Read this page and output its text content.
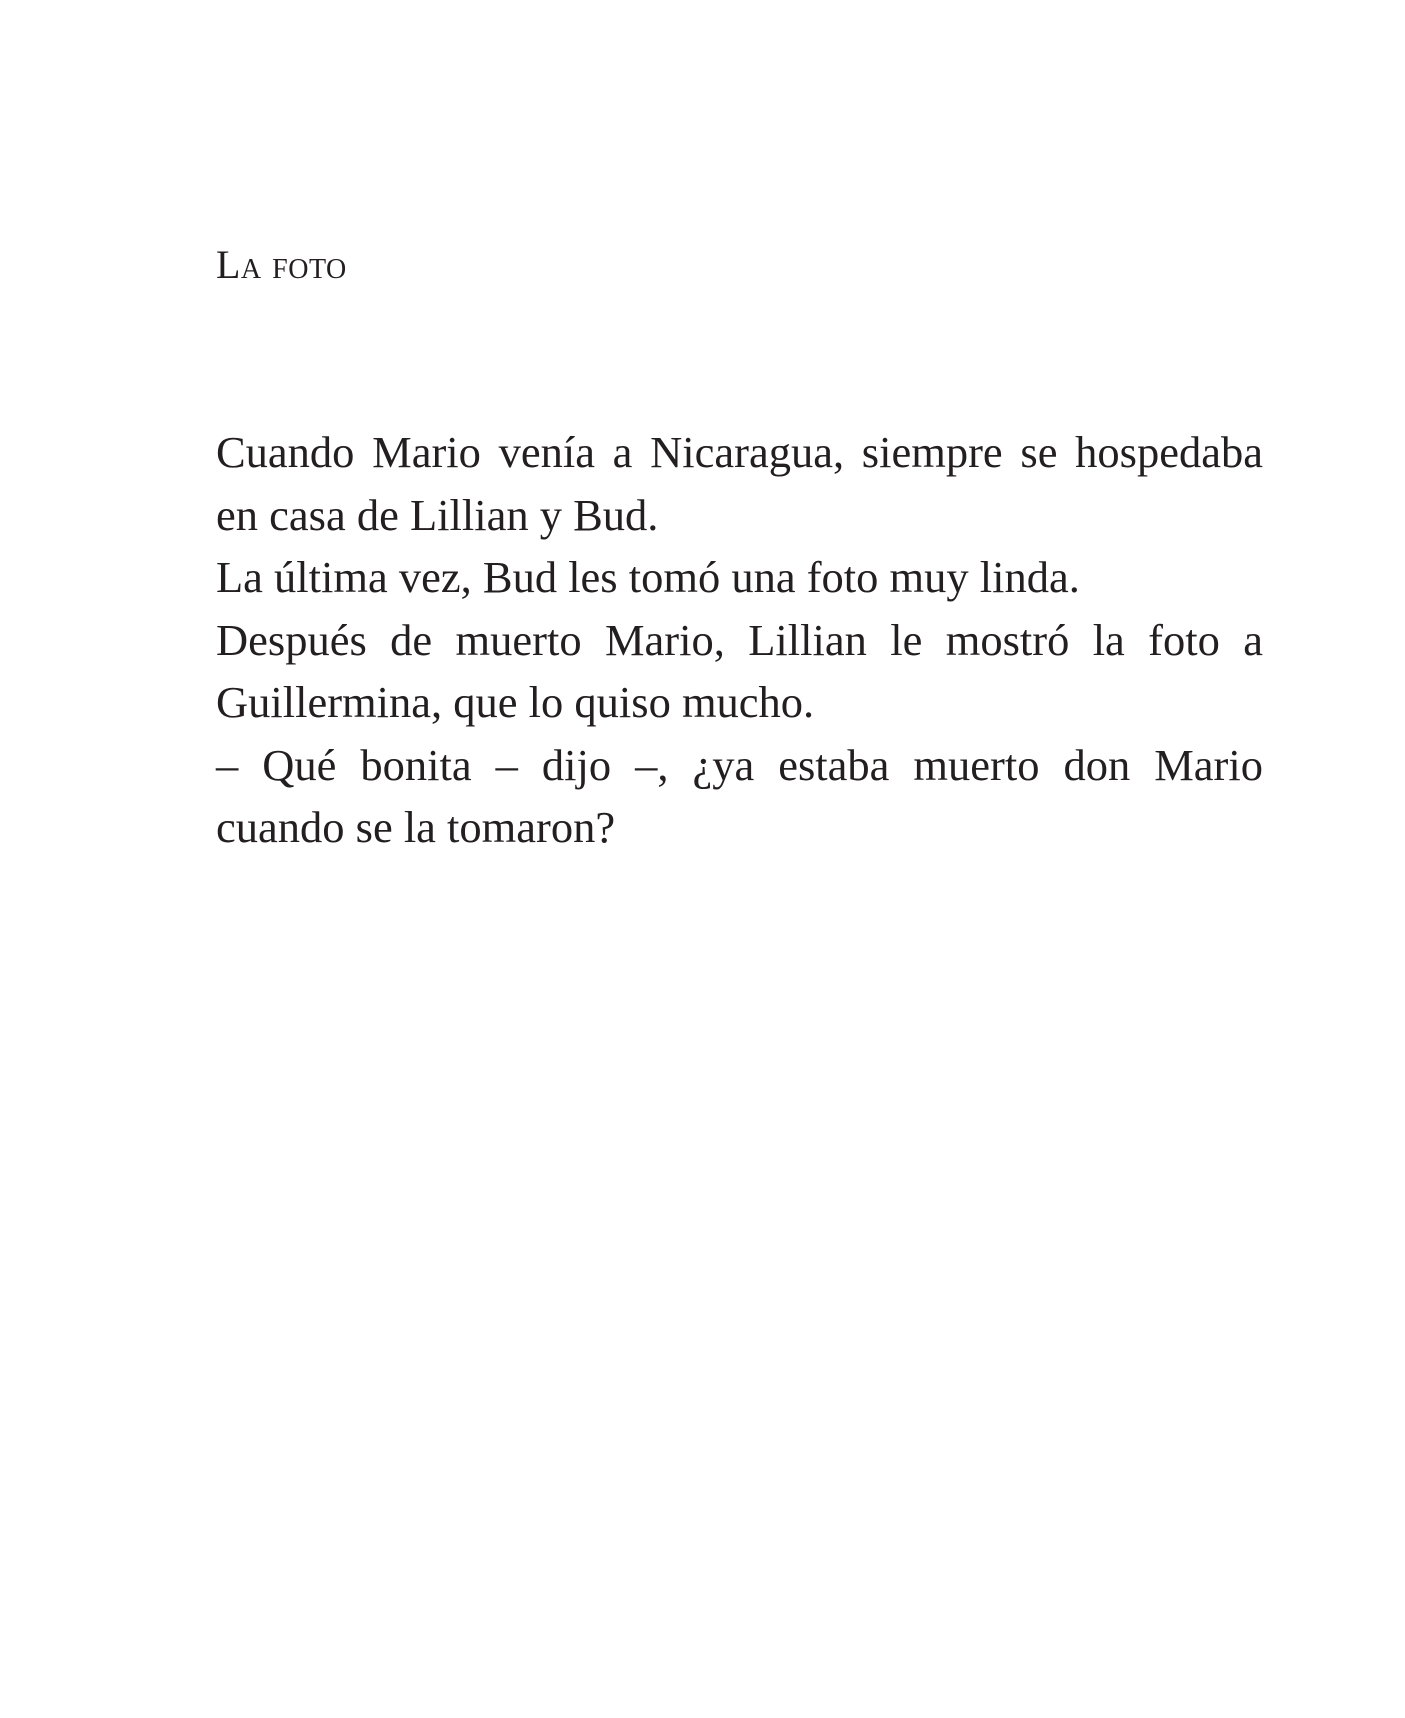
La foto

Cuando Mario venía a Nicaragua, siempre se hospedaba en casa de Lillian y Bud.

La última vez, Bud les tomó una foto muy linda.

Después de muerto Mario, Lillian le mostró la foto a Guillermina, que lo quiso mucho.

– Qué bonita – dijo –, ¿ya estaba muerto don Mario cuando se la tomaron?
